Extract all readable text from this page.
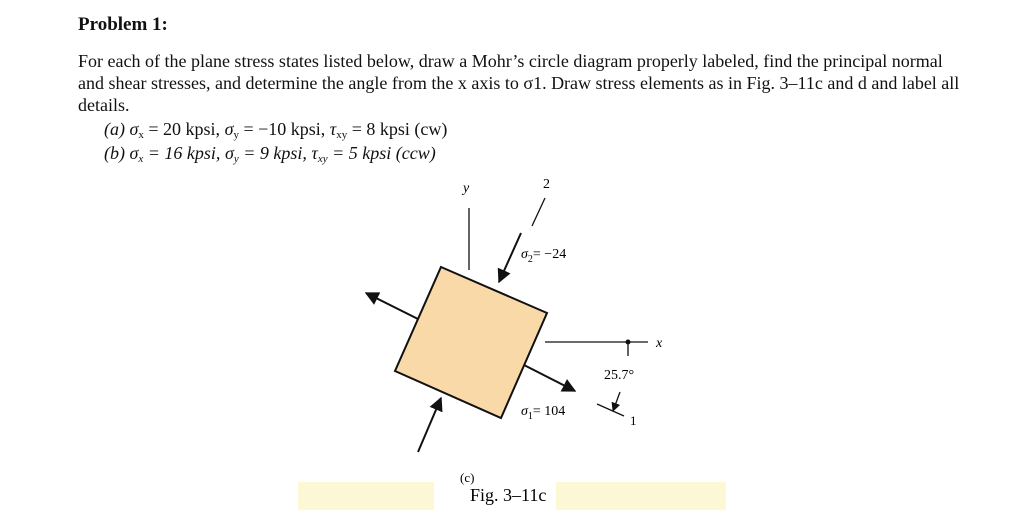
Problem 1:
For each of the plane stress states listed below, draw a Mohr’s circle diagram properly labeled, find the principal normal and shear stresses, and determine the angle from the x axis to σ1. Draw stress elements as in Fig. 3–11c and d and label all details.
(a) $\sigma_x = 20$ kpsi, $\sigma_y = -10$ kpsi, $\tau_{xy} = 8$ kpsi (cw)
(b) $\sigma_x = 16$ kpsi, $\sigma_y = 9$ kpsi, $\tau_{xy} = 5$ kpsi (ccw)
y	2
x
25.7°
1
$\sigma_2= -24$
$\sigma_1= 104$
(c)
Fig. 3–11c
